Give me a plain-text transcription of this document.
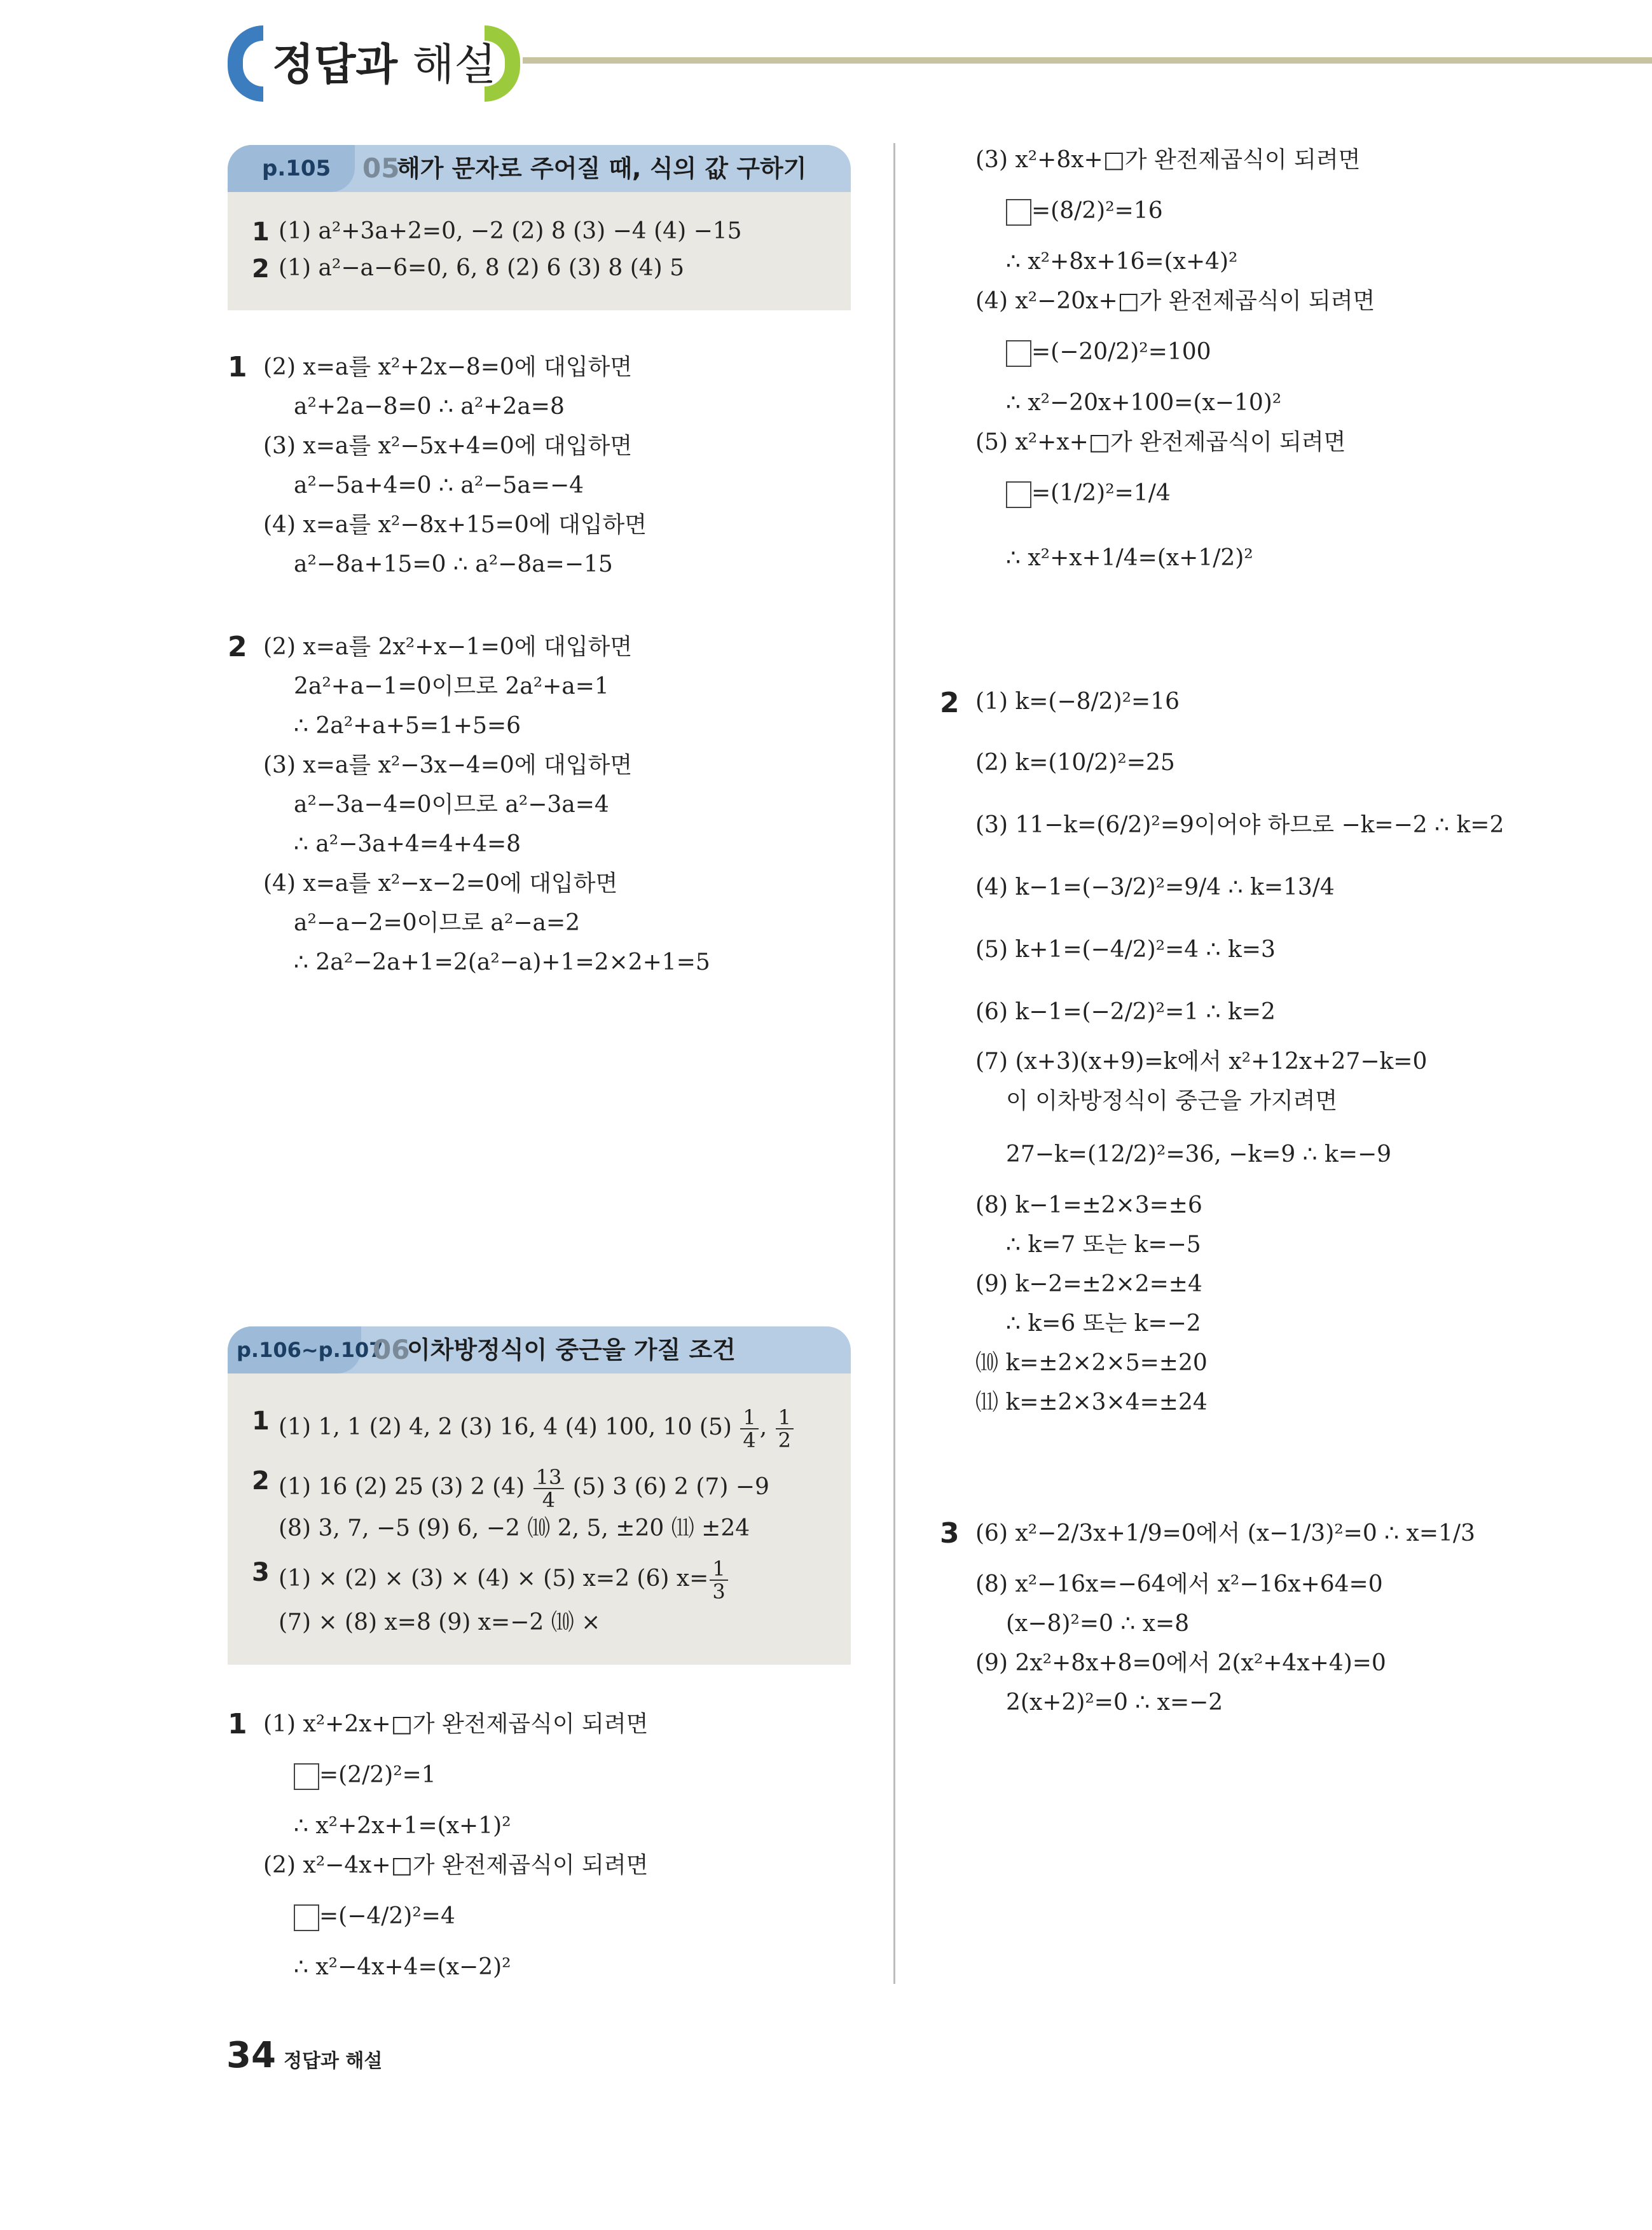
정답과 해설
p.105 05
해가 문자로 주어질 때, 식의 값 구하기
1 (1) a²+3a+2=0, −2 (2) 8 (3) −4 (4) −15
2 (1) a²−a−6=0, 6, 8 (2) 6 (3) 8 (4) 5
1 (2) x=a를 x²+2x−8=0에 대입하면
a²+2a−8=0 ∴ a²+2a=8
(3) x=a를 x²−5x+4=0에 대입하면
a²−5a+4=0 ∴ a²−5a=−4
(4) x=a를 x²−8x+15=0에 대입하면
a²−8a+15=0 ∴ a²−8a=−15
2 (2) x=a를 2x²+x−1=0에 대입하면
2a²+a−1=0이므로 2a²+a=1
∴ 2a²+a+5=1+5=6
(3) x=a를 x²−3x−4=0에 대입하면
a²−3a−4=0이므로 a²−3a=4
∴ a²−3a+4=4+4=8
(4) x=a를 x²−x−2=0에 대입하면
a²−a−2=0이므로 a²−a=2
∴ 2a²−2a+1=2(a²−a)+1=2×2+1=5
p.106~p.107
06
이차방정식이 중근을 가질 조건
1 (1) 1, 1 (2) 4, 2 (3) 16, 4 (4) 100, 10 $(5) \frac{1}{4}$ , $\frac{1}{2}$
2 (1) 16 (2) 25 (3) 2 $(4) \frac{13}{4} (5)$ 3 (6) 2 (7) −9
(8) 3, 7, −5 (9) 6, −2 ⑽ 2, 5, ±20 ⑾ ±24
3 (1) × (2) × (3) × (4) × (5) x=2 (6) $x= \frac{1}{3}$
(7) × (8) x=8 (9) x=−2 ⑽ ×
1 (1) x²+2x+□가 완전제곱식이 되려면
=(2/2)²=1
∴ x²+2x+1=(x+1)²
(2) x²−4x+□가 완전제곱식이 되려면
=(−4/2)²=4
∴ x²−4x+4=(x−2)²
(3) x²+8x+□가 완전제곱식이 되려면
=(8/2)²=16
∴ x²+8x+16=(x+4)²
(4) x²−20x+□가 완전제곱식이 되려면
=(−20/2)²=100
∴ x²−20x+100=(x−10)²
(5) x²+x+□가 완전제곱식이 되려면
=(1/2)²=1/4
∴ x²+x+1/4=(x+1/2)²
2 (1) k=(−8/2)²=16
(2) k=(10/2)²=25
(3) 11−k=(6/2)²=9이어야 하므로 −k=−2 ∴ k=2
(4) k−1=(−3/2)²=9/4 ∴ k=13/4
(5) k+1=(−4/2)²=4 ∴ k=3
(6) k−1=(−2/2)²=1 ∴ k=2
(7) (x+3)(x+9)=k에서 x²+12x+27−k=0
이 이차방정식이 중근을 가지려면
27−k=(12/2)²=36, −k=9 ∴ k=−9
(8) k−1=±2×3=±6
∴ k=7 또는 k=−5
(9) k−2=±2×2=±4
∴ k=6 또는 k=−2
⑽ k=±2×2×5=±20
⑾ k=±2×3×4=±24
3 (6) x²−2/3x+1/9=0에서 (x−1/3)²=0 ∴ x=1/3
(8) x²−16x=−64에서 x²−16x+64=0
(x−8)²=0 ∴ x=8
(9) 2x²+8x+8=0에서 2(x²+4x+4)=0
2(x+2)²=0 ∴ x=−2
34 정답과 해설
